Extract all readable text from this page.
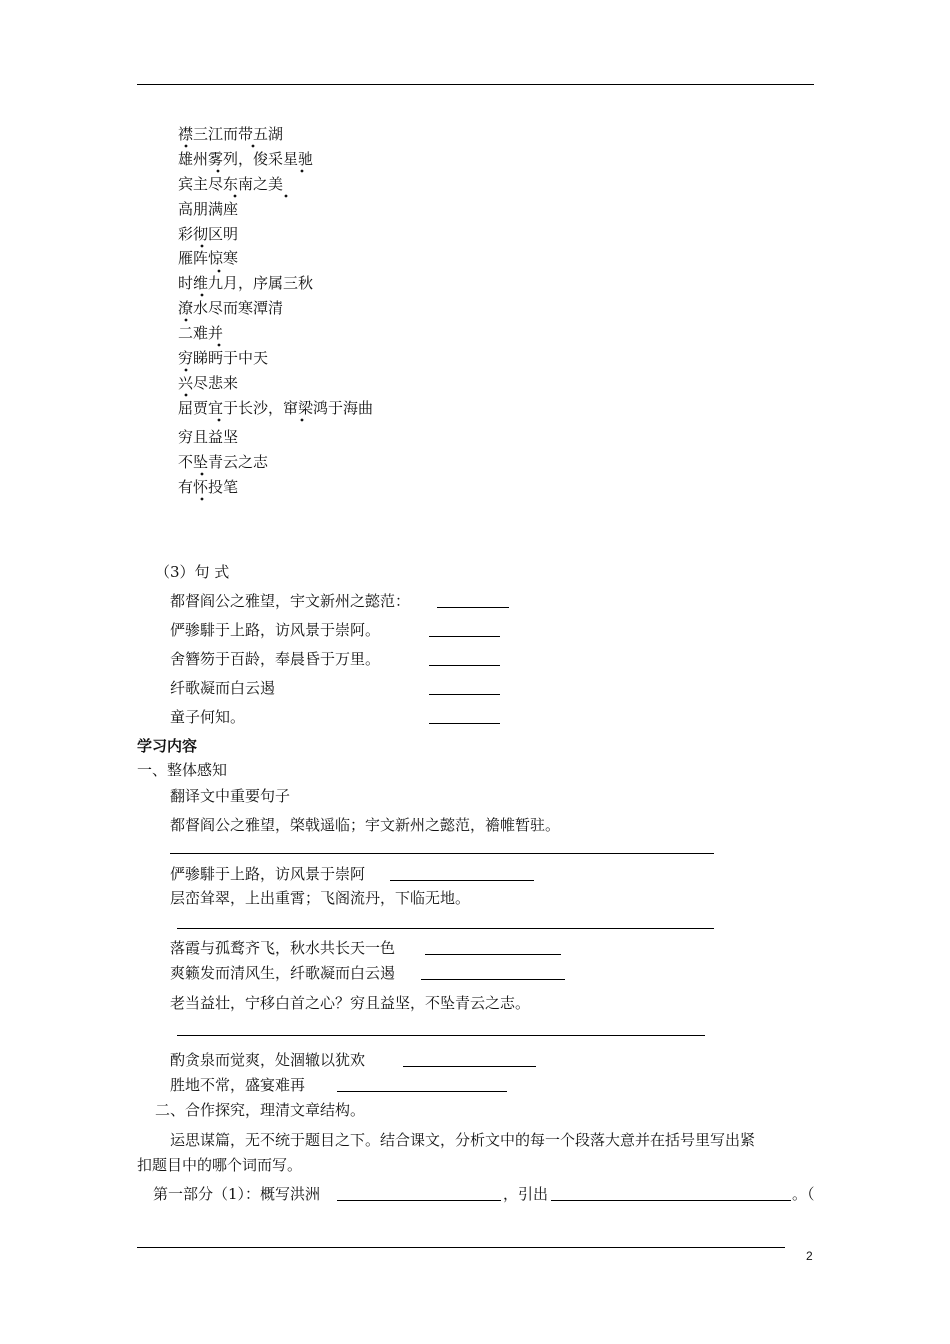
襟三江而带五湖
雄州雾列，俊采星驰
宾主尽东南之美
高朋满座
彩彻区明
雁阵惊寒
时维九月，序属三秋
潦水尽而寒潭清
二难并
穷睇眄于中天
兴尽悲来
屈贾宜于长沙，窜梁鸿于海曲
穷且益坚
不坠青云之志
有怀投笔
（3）句 式
都督阎公之雅望，宇文新州之懿范：
俨骖騑于上路，访风景于崇阿。
舍簪笏于百龄，奉晨昏于万里。
纤歌凝而白云遏
童子何知。
学习内容
一、整体感知
翻译文中重要句子
都督阎公之雅望，棨戟遥临；宇文新州之懿范，襜帷暂驻。
俨骖騑于上路，访风景于崇阿
层峦耸翠，上出重霄；飞阁流丹，下临无地。
落霞与孤鹜齐飞，秋水共长天一色
爽籁发而清风生，纤歌凝而白云遏
老当益壮，宁移白首之心？穷且益坚，不坠青云之志。
酌贪泉而觉爽，处涸辙以犹欢
胜地不常，盛宴难再
二、合作探究，理清文章结构。
运思谋篇，无不统于题目之下。结合课文，分析文中的每一个段落大意并在括号里写出紧
扣题目中的哪个词而写。
第一部分（1）：概写洪洲	，引出	。（
2
